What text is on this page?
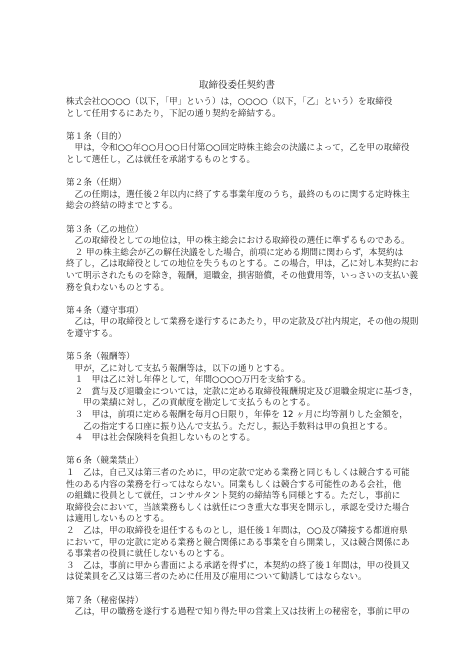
取締役委任契約書
株式会社○○○○（以下，「甲」という）は，○○○○（以下，「乙」という）を取締役
として任用するにあたり，下記の通り契約を締結する。
第１条（目的）
　甲は，令和○○年○○月○○日付第○○回定時株主総会の決議によって，乙を甲の取締役
として選任し，乙は就任を承諾するものとする。
第２条（任期）
　乙の任期は，選任後２年以内に終了する事業年度のうち，最終のものに関する定時株主
総会の終結の時までとする。
第３条（乙の地位）
　乙の取締役としての地位は，甲の株主総会における取締役の選任に準ずるものである。
　２ 甲の株主総会が乙の解任決議をした場合，前項に定める期間に関わらず，本契約は
終了し，乙は取締役としての地位を失うものとする。この場合，甲は，乙に対し本契約にお
いて明示されたものを除き，報酬，退職金，損害賠償，その他費用等，いっさいの支払い義
務を負わないものとする。
第４条（遵守事項）
　乙は，甲の取締役として業務を遂行するにあたり，甲の定款及び社内規定，その他の規則
を遵守する。
第５条（報酬等）
　甲が，乙に対して支払う報酬等は，以下の通りとする。
　１　甲は乙に対し年俸として，年間○○○○万円を支給する。
　２　賞与及び退職金については，定款に定める取締役報酬規定及び退職金規定に基づき，
　　甲の業績に対し，乙の貢献度を勘定して支払うものとする。
　３　甲は，前項に定める報酬を毎月○日限り，年俸を 12 ヶ月に均等割りした金額を，
　　乙の指定する口座に振り込んで支払う。ただし，振込手数料は甲の負担とする。
　４　甲は社会保険料を負担しないものとする。
第６条（競業禁止）
１　乙は，自己又は第三者のために，甲の定款で定める業務と同じもしくは競合する可能
性のある内容の業務を行ってはならない。同業もしくは競合する可能性のある会社，他
の組織に役員として就任，コンサルタント契約の締結等も同様とする。ただし，事前に
取締役会において，当該業務もしくは就任につき重大な事実を開示し，承認を受けた場合
は適用しないものとする。
２　乙は，甲の取締役を退任するものとし，退任後１年間は，○○及び隣接する都道府県
において，甲の定款に定める業務と競合関係にある事業を自ら開業し，又は競合関係にあ
る事業者の役員に就任しないものとする。
３　乙は，事前に甲から書面による承諾を得ずに，本契約の終了後１年間は，甲の役員又
は従業員を乙又は第三者のために任用及び雇用について勧誘してはならない。
第７条（秘密保持）
　乙は，甲の職務を遂行する過程で知り得た甲の営業上又は技術上の秘密を，事前に甲の
